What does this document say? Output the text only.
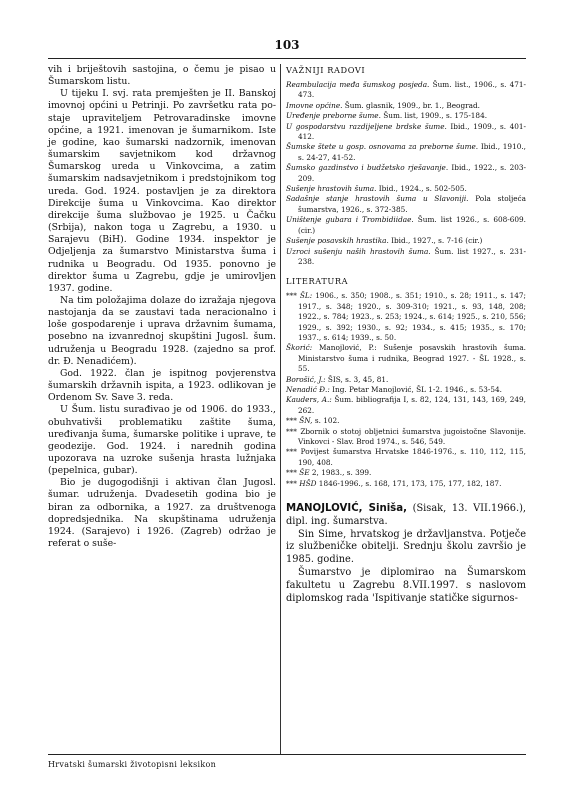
103

vih i briještovih sastojina, o čemu je pisao u Šumarskom listu.

U tijeku I. svj. rata premješten je II. Banskoj imovnoj općini u Petrinji. Po završetku rata postaje upraviteljem Petrovaradinske imovne općine, a 1921. imenovan je šumarnikom. Iste je godine, kao šumarski nadzornik, imenovan šumarskim savjetnikom kod državnog Šumarskog ureda u Vinkovcima, a zatim šumarskim nadsavjetnikom i predstojnikom tog ureda. God. 1924. postavljen je za direktora Direkcije šuma u Vinkovcima. Kao direktor direkcije šuma službovao je 1925. u Čačku (Srbija), nakon toga u Zagrebu, a 1930. u Sarajevu (BiH). Godine 1934. inspektor je Odjeljenja za šumarstvo Ministarstva šuma i rudnika u Beogradu. Od 1935. ponovno je direktor šuma u Zagrebu, gdje je umirovljen 1937. godine.

Na tim položajima dolaze do izražaja njegova nastojanja da se zaustavi tada neracionalno i loše gospodarenje i uprava državnim šumama, posebno na izvanrednoj skupštini Jugosl. šum. udruženja u Beogradu 1928. (zajedno sa prof. dr. Đ. Nenadićem).

God. 1922. član je ispitnog povjerenstva šumarskih državnih ispita, a 1923. odlikovan je Ordenom Sv. Save 3. reda.

U Šum. listu surađivao je od 1906. do 1933., obuhvativši problematiku zaštite šuma, uređivanja šuma, šumarske politike i uprave, te geodezije. God. 1924. i narednih godina upozorava na uzroke sušenja hrasta lužnjaka (pepelnica, gubar).

Bio je dugogodišnji i aktivan član Jugosl. šumar. udruženja. Dvadesetih godina bio je biran za odbornika, a 1927. za društvenoga dopredsjednika. Na skupštinama udruženja 1924. (Sarajevo) i 1926. (Zagreb) održao je referat o suše-

VAŽNIJI RADOVI

Reambulacija međa šumskog posjeda. Šum. list., 1906., s. 471-473.

Imovne općine. Šum. glasnik, 1909., br. 1., Beograd.

Uređenje preborne šume. Šum. list, 1909., s. 175-184.

U gospodarstvu razdijeljene brdske šume. Ibid., 1909., s. 401-412.

Šumske štete u gosp. osnovama za preborne šume. Ibid., 1910., s. 24-27, 41-52.

Šumsko gazdinstvo i budžetsko rješavanje. Ibid., 1922., s. 203-209.

Sušenje hrastovih šuma. Ibid., 1924., s. 502-505.

Sadašnje stanje hrastovih šuma u Slavoniji. Pola stoljeća šumarstva, 1926., s. 372-385.

Uništenje gubara i Trombidiidae. Šum. list 1926., s. 608-609. (cir.)

Sušenje posavskih hrastika. Ibid., 1927., s. 7-16 (cir.)

Uzroci sušenju naših hrastovih šuma. Šum. list 1927., s. 231-238.

LITERATURA

*** ŠL: 1906., s. 350; 1908., s. 351; 1910., s. 28; 1911., s. 147; 1917., s. 348; 1920., s. 309-310; 1921., s. 93, 148, 208; 1922., s. 784; 1923., s. 253; 1924., s. 614; 1925., s. 210, 556; 1929., s. 392; 1930., s. 92; 1934., s. 415; 1935., s. 170; 1937., s. 614; 1939., s. 50.

Škorić: Manojlović, P.: Sušenje posavskih hrastovih šuma. Ministarstvo šuma i rudnika, Beograd 1927. - ŠL 1928., s. 55.

Borošić, J.: ŠIS, s. 3, 45, 81.

Nenadić Đ.: Ing. Petar Manojlović, ŠL 1-2. 1946., s. 53-54.

Kauders, A.: Šum. bibliografija I, s. 82, 124, 131, 143, 169, 249, 262.

*** ŠN, s. 102.

*** Zbornik o stotoj obljetnici šumarstva jugoistočne Slavonije. Vinkovci - Slav. Brod 1974., s. 546, 549.

*** Povijest šumarstva Hrvatske 1846-1976., s. 110, 112, 115, 190, 408.

*** ŠE 2, 1983., s. 399.

*** HŠD 1846-1996., s. 168, 171, 173, 175, 177, 182, 187.

MANOJLOVIĆ, Siniša, (Sisak, 13. VII.1966.), dipl. ing. šumarstva.

Sin Sime, hrvatskog je državljanstva. Potječe iz službeničke obitelji. Srednju školu završio je 1985. godine.

Šumarstvo je diplomirao na Šumarskom fakultetu u Zagrebu 8.VII.1997. s naslovom diplomskog rada 'Ispitivanje statičke sigurnos-

Hrvatski šumarski životopisni leksikon
